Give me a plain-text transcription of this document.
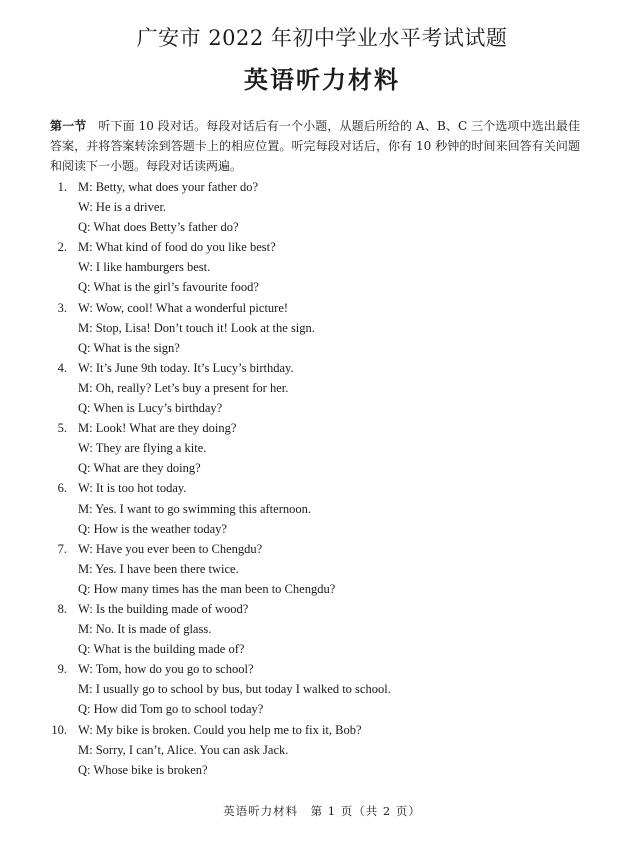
广安市 2022 年初中学业水平考试试题
英语听力材料
第一节 听下面 10 段对话。每段对话后有一个小题，从题后所给的 A、B、C 三个选项中选出最佳答案，并将答案转涂到答题卡上的相应位置。听完每段对话后，你有 10 秒钟的时间来回答有关问题和阅读下一小题。每段对话读两遍。
1. M: Betty, what does your father do?
W: He is a driver.
Q: What does Betty’s father do?
2. M: What kind of food do you like best?
W: I like hamburgers best.
Q: What is the girl’s favourite food?
3. W: Wow, cool! What a wonderful picture!
M: Stop, Lisa! Don’t touch it! Look at the sign.
Q: What is the sign?
4. W: It’s June 9th today. It’s Lucy’s birthday.
M: Oh, really? Let’s buy a present for her.
Q: When is Lucy’s birthday?
5. M: Look! What are they doing?
W: They are flying a kite.
Q: What are they doing?
6. W: It is too hot today.
M: Yes. I want to go swimming this afternoon.
Q: How is the weather today?
7. W: Have you ever been to Chengdu?
M: Yes. I have been there twice.
Q: How many times has the man been to Chengdu?
8. W: Is the building made of wood?
M: No. It is made of glass.
Q: What is the building made of?
9. W: Tom, how do you go to school?
M: I usually go to school by bus, but today I walked to school.
Q: How did Tom go to school today?
10. W: My bike is broken. Could you help me to fix it, Bob?
M: Sorry, I can’t, Alice. You can ask Jack.
Q: Whose bike is broken?
英语听力材料　第 1 页（共 2 页）
